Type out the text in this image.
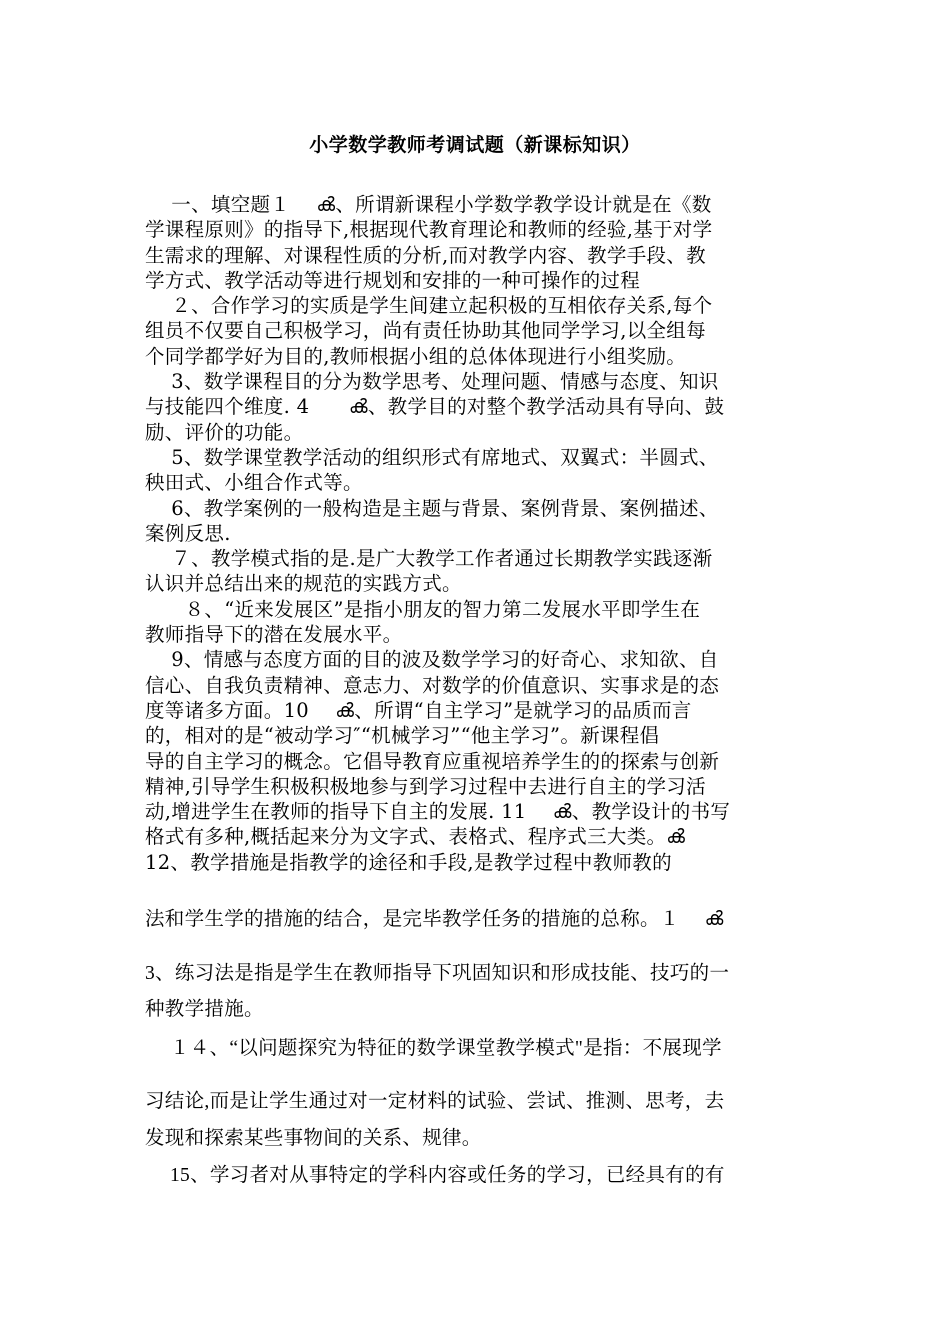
小学数学教师考调试题（新课标知识）

　 一、填空题１　 ൿ、所谓新课程小学数学教学设计就是在《数

学课程原则》的指导下,根据现代教育理论和教师的经验,基于对学

生需求的理解、对课程性质的分析,而对教学内容、教学手段、教

学方式、教学活动等进行规划和安排的一种可操作的过程

　 ２、合作学习的实质是学生间建立起积极的互相依存关系,每个

组员不仅要自己积极学习，尚有责任协助其他同学学习,以全组每

个同学都学好为目的,教师根据小组的总体体现进行小组奖励。

　 3、数学课程目的分为数学思考、处理问题、情感与态度、知识

与技能四个维度. 4　　ൿ、教学目的对整个教学活动具有导向、鼓

励、评价的功能。

　 5、数学课堂教学活动的组织形式有席地式、双翼式：半圆式、

秧田式、小组合作式等。

　 6、教学案例的一般构造是主题与背景、案例背景、案例描述、

案例反思.

　 ７、教学模式指的是.是广大教学工作者通过长期教学实践逐渐

认识并总结出来的规范的实践方式。

　　８、“近来发展区”是指小朋友的智力第二发展水平即学生在

教师指导下的潜在发展水平。

　 9、情感与态度方面的目的波及数学学习的好奇心、求知欲、自

信心、自我负责精神、意志力、对数学的价值意识、实事求是的态

度等诸多方面。10　 ൿ、所谓“自主学习”是就学习的品质而言

的，相对的是“被动学习″“机械学习”“他主学习”。新课程倡

导的自主学习的概念。它倡导教育应重视培养学生的的探索与创新

精神,引导学生积极积极地参与到学习过程中去进行自主的学习活

动,增进学生在教师的指导下自主的发展. 11　 ൿ、教学设计的书写

格式有多种,概括起来分为文字式、表格式、程序式三大类。ൿ

12、教学措施是指教学的途径和手段,是教学过程中教师教的

法和学生学的措施的结合，是完毕教学任务的措施的总称。１　 ൿ

3、练习法是指是学生在教师指导下巩固知识和形成技能、技巧的一

种教学措施。

　 １４、“以问题探究为特征的数学课堂教学模式"是指：不展现学

习结论,而是让学生通过对一定材料的试验、尝试、推测、思考，去

发现和探索某些事物间的关系、规律。

　 15、学习者对从事特定的学科内容或任务的学习，已经具有的有
